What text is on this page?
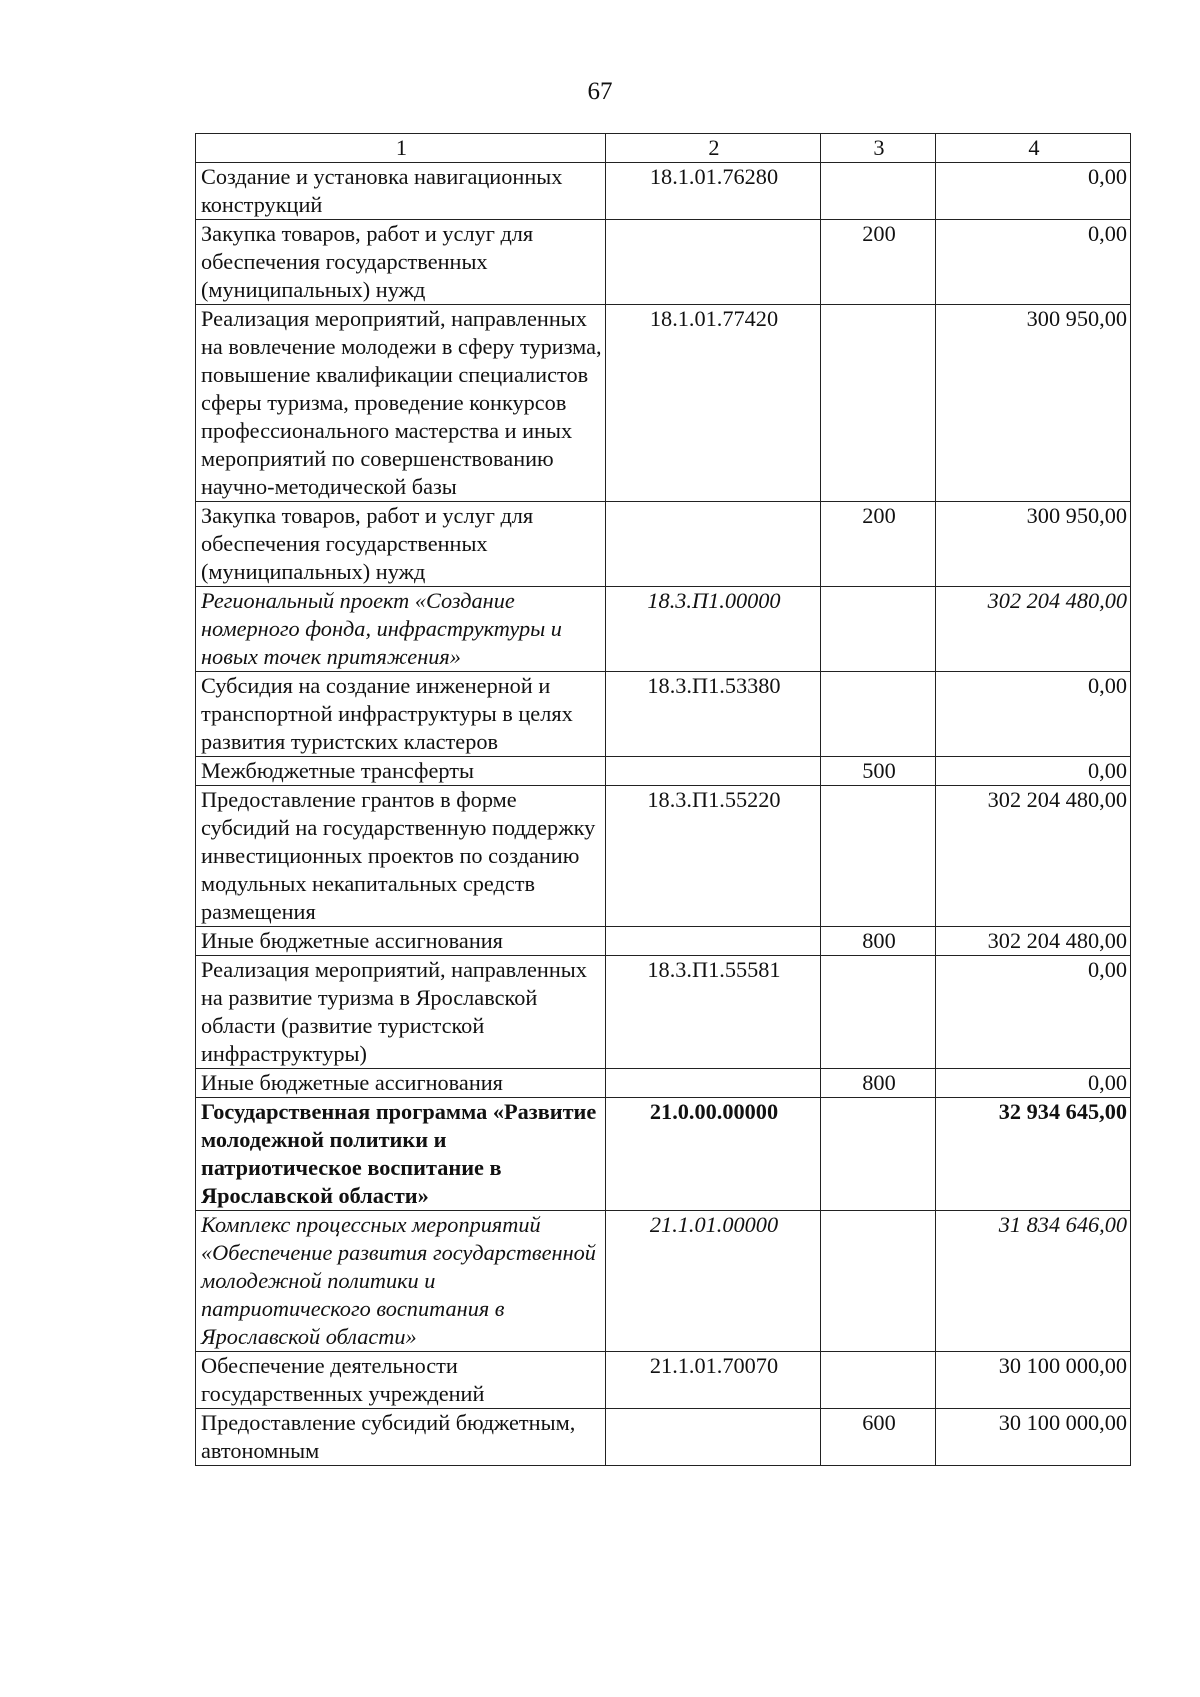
67
1	2	3	4
Создание и установка навигационных конструкций	18.1.01.76280		0,00
Закупка товаров, работ и услуг для обеспечения государственных (муниципальных) нужд		200	0,00
Реализация мероприятий, направленных на вовлечение молодежи в сферу туризма, повышение квалификации специалистов сферы туризма, проведение конкурсов профессионального мастерства и иных мероприятий по совершенствованию научно-методической базы	18.1.01.77420		300 950,00
Закупка товаров, работ и услуг для обеспечения государственных (муниципальных) нужд		200	300 950,00
Региональный проект «Создание номерного фонда, инфраструктуры и новых точек притяжения»	18.3.П1.00000		302 204 480,00
Субсидия на создание инженерной и транспортной инфраструктуры в целях развития туристских кластеров	18.3.П1.53380		0,00
Межбюджетные трансферты		500	0,00
Предоставление грантов в форме субсидий на государственную поддержку инвестиционных проектов по созданию модульных некапитальных средств размещения	18.3.П1.55220		302 204 480,00
Иные бюджетные ассигнования		800	302 204 480,00
Реализация мероприятий, направленных на развитие туризма в Ярославской области (развитие туристской инфраструктуры)	18.3.П1.55581		0,00
Иные бюджетные ассигнования		800	0,00
Государственная программа «Развитие молодежной политики и патриотическое воспитание в Ярославской области»	21.0.00.00000		32 934 645,00
Комплекс процессных мероприятий «Обеспечение развития государственной молодежной политики и патриотического воспитания в Ярославской области»	21.1.01.00000		31 834 646,00
Обеспечение деятельности государственных учреждений	21.1.01.70070		30 100 000,00
Предоставление субсидий бюджетным, автономным		600	30 100 000,00
